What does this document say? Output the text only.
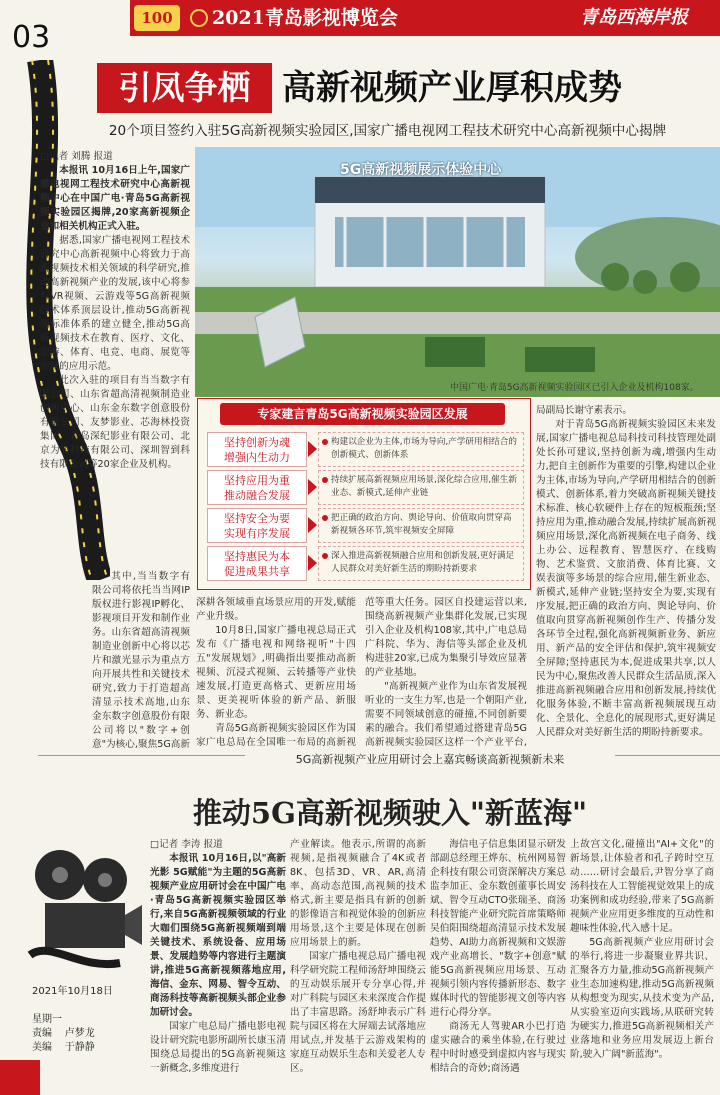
100	2021青岛影视博览会	青岛西海岸报
03
引凤争栖 高新视频产业厚积成势
20个项目签约入驻5G高新视频实验园区,国家广播电视网工程技术研究中心高新视频中心揭牌
5G高新视频展示体验中心
中国广电·青岛5G高新视频实验园区已引入企业及机构108家。

□记者 刘腾 报道

本报讯 10月16日上午,国家广播电视网工程技术研究中心高新视频中心在中国广电·青岛5G高新视频实验园区揭牌,20家高新视频企业和相关机构正式入驻。

据悉,国家广播电视网工程技术研究中心高新视频中心将致力于高新视频技术相关领域的科学研究,推动高新视频产业的发展,该中心将参与VR视频、云游戏等5G高新视频技术体系顶层设计,推动5G高新视频标准体系的建立健全,推动5G高新视频技术在教育、医疗、文化、旅游、体育、电竞、电商、展览等领域的应用示范。

此次入驻的项目有当当数字有限公司、山东省超高清视频制造业创新中心、山东金东数字创意股份有限公司、友梦影业、芯海林投资集团、青岛深纪影业有限公司、北京为快科技有限公司、深圳智到科技有限公司等20家企业及机构。

其中,当当数字有限公司将依托当当网IP版权进行影视IP孵化、影视项目开发和制作业务。山东省超高清视频制造业创新中心将以芯片和激光显示为重点方向开展共性和关键技术研究,致力于打造超高清显示技术高地,山东金东数字创意股份有限公司将以"数字+创意"为核心,聚焦5G高新

深耕各领域垂直场景应用的开发,赋能产业升级。

10月8日,国家广播电视总局正式发布《广播电视和网络视听"十四五"发展规划》,明确指出要推动高新视频、沉浸式视频、云转播等产业快速发展,打造更高格式、更新应用场景、更美视听体验的新产品、新服务、新业态。

青岛5G高新视频实验园区作为国家广电总局在全国唯一布局的高新视

范等重大任务。园区自投建运营以来,围绕高新视频产业集群化发展,已实现引入企业及机构108家,其中,广电总局广科院、华为、海信等头部企业及机构进驻20家,已成为集聚引导效应显著的产业基地。

"高新视频产业作为山东省发展视听业的一支生力军,也是一个朝阳产业,需要不同领域创意的碰撞,不同创新要素的融合。我们希望通过搭建青岛5G高新视频实验园区这样一个产业平台,

局副局长谢守素表示。

对于青岛5G高新视频实验园区未来发展,国家广播电视总局科技司科技管理处副处长孙可建议,坚持创新为魂,增强内生动力,把自主创新作为重要的引擎,构建以企业为主体,市场为导向,产学研用相结合的创新模式、创新体系,着力突破高新视频关键技术标准、核心软硬件上存在的短板瓶颈;坚持应用为重,推动融合发展,持续扩展高新视频应用场景,深化高新视频在电子商务、线上办公、远程教育、智慧医疗、在线购物、艺术鉴赏、文旅消费、体育比赛、文娱表演等多场景的综合应用,催生新业态、新模式,延伸产业链;坚持安全为要,实现有序发展,把正确的政治方向、舆论导向、价值取向贯穿高新视频创作生产、传播分发各环节全过程,强化高新视频新业务、新应用、新产品的安全评估和保护,筑牢视频安全屏障;坚持惠民为本,促进成果共享,以人民为中心,聚焦改善人民群众生活品质,深入推进高新视频融合应用和创新发展,持续优化服务体验,不断丰富高新视频展现互动化、全景化、全息化的展现形式,更好满足人民群众对美好新生活的期盼持新要求。

专家建言青岛5G高新视频实验园区发展
坚持创新为魂
增强内生动力
构建以企业为主体,市场为导向,产学研用相结合的创新模式、创新体系
坚持应用为重
推动融合发展
持续扩展高新视频应用场景,深化综合应用,催生新业态、新模式,延伸产业链
坚持安全为要
实现有序发展
把正确的政治方向、舆论导向、价值取向贯穿高新视频各环节,筑牢视频安全屏障
坚持惠民为本
促进成果共享
深入推进高新视频融合应用和创新发展,更好满足人民群众对美好新生活的期盼持新要求
5G高新视频产业应用研讨会上嘉宾畅谈高新视频新未来
推动5G高新视频驶入"新蓝海"

□记者 李涛 报道

本报讯 10月16日,以"高新光影 5G赋能"为主题的5G高新视频产业应用研讨会在中国广电·青岛5G高新视频实验园区举行,来自5G高新视频领域的行业大咖们围绕5G高新视频端到端关键技术、系统设备、应用场景、发展趋势等内容进行主题演讲,推进5G高新视频落地应用,海信、金东、网易、智令互动、商汤科技等高新视频头部企业参加研讨会。

国家广电总局广播电影电视设计研究院电影所副所长康玉清围绕总局提出的5G高新视频这一新概念,多维度进行

产业解读。他表示,所谓的高新视频,是指视频融合了4K或者8K、包括3D、VR、AR,高清率、高动态范围,高视频的技术格式,新主要是指具有新的创新的影像语言和视觉体验的创新应用场景,这个主要是体现在创新应用场景上的新。

国家广播电视总局广播电视科学研究院工程师汤舒坤围绕云的互动娱乐展开专分享心得,并对广科院与园区未来深度合作提出了丰富思路。汤舒坤表示广科院与园区将在大屏端去试落地应用试点,并发基于云游戏架构的家庭互动娱乐生态和关爱老人专区。

海信电子信息集团显示研发部副总经理王烨东、杭州网易智企科技有限公司资深解决方案总监李加正、金东数创董事长周安斌、智令互动CTO张瑞圣、商汤科技智能产业研究院首席策略师吴伯阳围绕超高清显示技术发展趋势、AI助力高新视频和文娱游戏产业高增长、"数字+创意"赋能5G高新视频应用场景、互动视频引领内容传播新形态、数字媒体时代的智能影视文创等内容进行心得分享。

商汤无人驾驶AR小巴打造虚实融合的乘坐体验,在行驶过程中时时感受到虚拟内容与现实相结合的奇妙;商汤遇

上故宫文化,碰撞出"AI+文化"的新场景,让体验者和孔子跨时空互动……研讨会最后,尹智分享了商汤科技在人工智能视觉效果上的成功案例和成功经验,带来了5G高新视频产业应用更多维度的互动性和趣味性体验,代入感十足。

5G高新视频产业应用研讨会的举行,将进一步凝聚业界共识、汇聚各方力量,推动5G高新视频产业生态加速构建,推动5G高新视频从构想变为现实,从技术变为产品,从实验室迈向实践场,从联研究转为硬实力,推进5G高新视频相关产业落地和业务应用发展迈上新台阶,驶入广阔"新蓝海"。

2021年10月18日
星期一
责编 卢梦龙
美编 于静静
